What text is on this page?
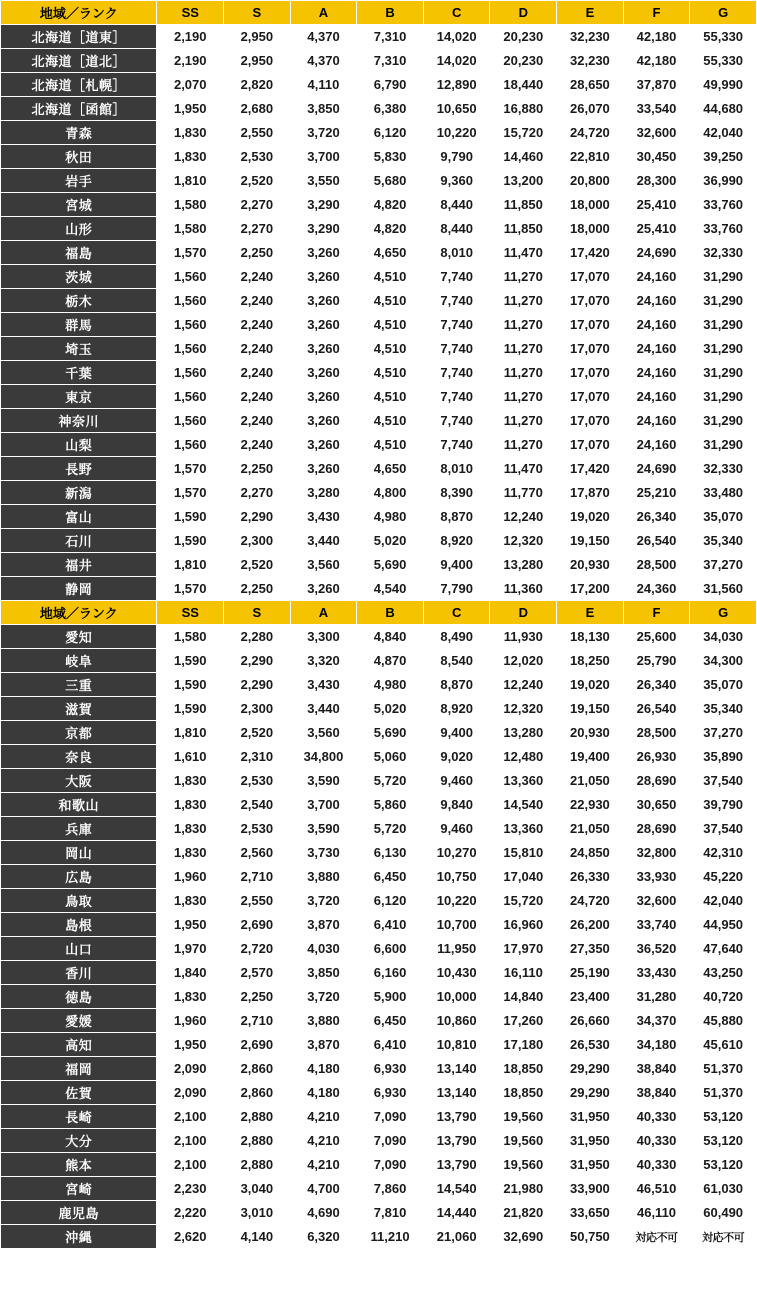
地域／ランク	SS	S	A	B	C	D	E	F	G
北海道［道東］	2,190	2,950	4,370	7,310	14,020	20,230	32,230	42,180	55,330
北海道［道北］	2,190	2,950	4,370	7,310	14,020	20,230	32,230	42,180	55,330
北海道［札幌］	2,070	2,820	4,110	6,790	12,890	18,440	28,650	37,870	49,990
北海道［函館］	1,950	2,680	3,850	6,380	10,650	16,880	26,070	33,540	44,680
青森	1,830	2,550	3,720	6,120	10,220	15,720	24,720	32,600	42,040
秋田	1,830	2,530	3,700	5,830	9,790	14,460	22,810	30,450	39,250
岩手	1,810	2,520	3,550	5,680	9,360	13,200	20,800	28,300	36,990
宮城	1,580	2,270	3,290	4,820	8,440	11,850	18,000	25,410	33,760
山形	1,580	2,270	3,290	4,820	8,440	11,850	18,000	25,410	33,760
福島	1,570	2,250	3,260	4,650	8,010	11,470	17,420	24,690	32,330
茨城	1,560	2,240	3,260	4,510	7,740	11,270	17,070	24,160	31,290
栃木	1,560	2,240	3,260	4,510	7,740	11,270	17,070	24,160	31,290
群馬	1,560	2,240	3,260	4,510	7,740	11,270	17,070	24,160	31,290
埼玉	1,560	2,240	3,260	4,510	7,740	11,270	17,070	24,160	31,290
千葉	1,560	2,240	3,260	4,510	7,740	11,270	17,070	24,160	31,290
東京	1,560	2,240	3,260	4,510	7,740	11,270	17,070	24,160	31,290
神奈川	1,560	2,240	3,260	4,510	7,740	11,270	17,070	24,160	31,290
山梨	1,560	2,240	3,260	4,510	7,740	11,270	17,070	24,160	31,290
長野	1,570	2,250	3,260	4,650	8,010	11,470	17,420	24,690	32,330
新潟	1,570	2,270	3,280	4,800	8,390	11,770	17,870	25,210	33,480
富山	1,590	2,290	3,430	4,980	8,870	12,240	19,020	26,340	35,070
石川	1,590	2,300	3,440	5,020	8,920	12,320	19,150	26,540	35,340
福井	1,810	2,520	3,560	5,690	9,400	13,280	20,930	28,500	37,270
静岡	1,570	2,250	3,260	4,540	7,790	11,360	17,200	24,360	31,560
地域／ランク	SS	S	A	B	C	D	E	F	G
愛知	1,580	2,280	3,300	4,840	8,490	11,930	18,130	25,600	34,030
岐阜	1,590	2,290	3,320	4,870	8,540	12,020	18,250	25,790	34,300
三重	1,590	2,290	3,430	4,980	8,870	12,240	19,020	26,340	35,070
滋賀	1,590	2,300	3,440	5,020	8,920	12,320	19,150	26,540	35,340
京都	1,810	2,520	3,560	5,690	9,400	13,280	20,930	28,500	37,270
奈良	1,610	2,310	34,800	5,060	9,020	12,480	19,400	26,930	35,890
大阪	1,830	2,530	3,590	5,720	9,460	13,360	21,050	28,690	37,540
和歌山	1,830	2,540	3,700	5,860	9,840	14,540	22,930	30,650	39,790
兵庫	1,830	2,530	3,590	5,720	9,460	13,360	21,050	28,690	37,540
岡山	1,830	2,560	3,730	6,130	10,270	15,810	24,850	32,800	42,310
広島	1,960	2,710	3,880	6,450	10,750	17,040	26,330	33,930	45,220
鳥取	1,830	2,550	3,720	6,120	10,220	15,720	24,720	32,600	42,040
島根	1,950	2,690	3,870	6,410	10,700	16,960	26,200	33,740	44,950
山口	1,970	2,720	4,030	6,600	11,950	17,970	27,350	36,520	47,640
香川	1,840	2,570	3,850	6,160	10,430	16,110	25,190	33,430	43,250
徳島	1,830	2,250	3,720	5,900	10,000	14,840	23,400	31,280	40,720
愛媛	1,960	2,710	3,880	6,450	10,860	17,260	26,660	34,370	45,880
高知	1,950	2,690	3,870	6,410	10,810	17,180	26,530	34,180	45,610
福岡	2,090	2,860	4,180	6,930	13,140	18,850	29,290	38,840	51,370
佐賀	2,090	2,860	4,180	6,930	13,140	18,850	29,290	38,840	51,370
長崎	2,100	2,880	4,210	7,090	13,790	19,560	31,950	40,330	53,120
大分	2,100	2,880	4,210	7,090	13,790	19,560	31,950	40,330	53,120
熊本	2,100	2,880	4,210	7,090	13,790	19,560	31,950	40,330	53,120
宮崎	2,230	3,040	4,700	7,860	14,540	21,980	33,900	46,510	61,030
鹿児島	2,220	3,010	4,690	7,810	14,440	21,820	33,650	46,110	60,490
沖縄	2,620	4,140	6,320	11,210	21,060	32,690	50,750	対応不可	対応不可
